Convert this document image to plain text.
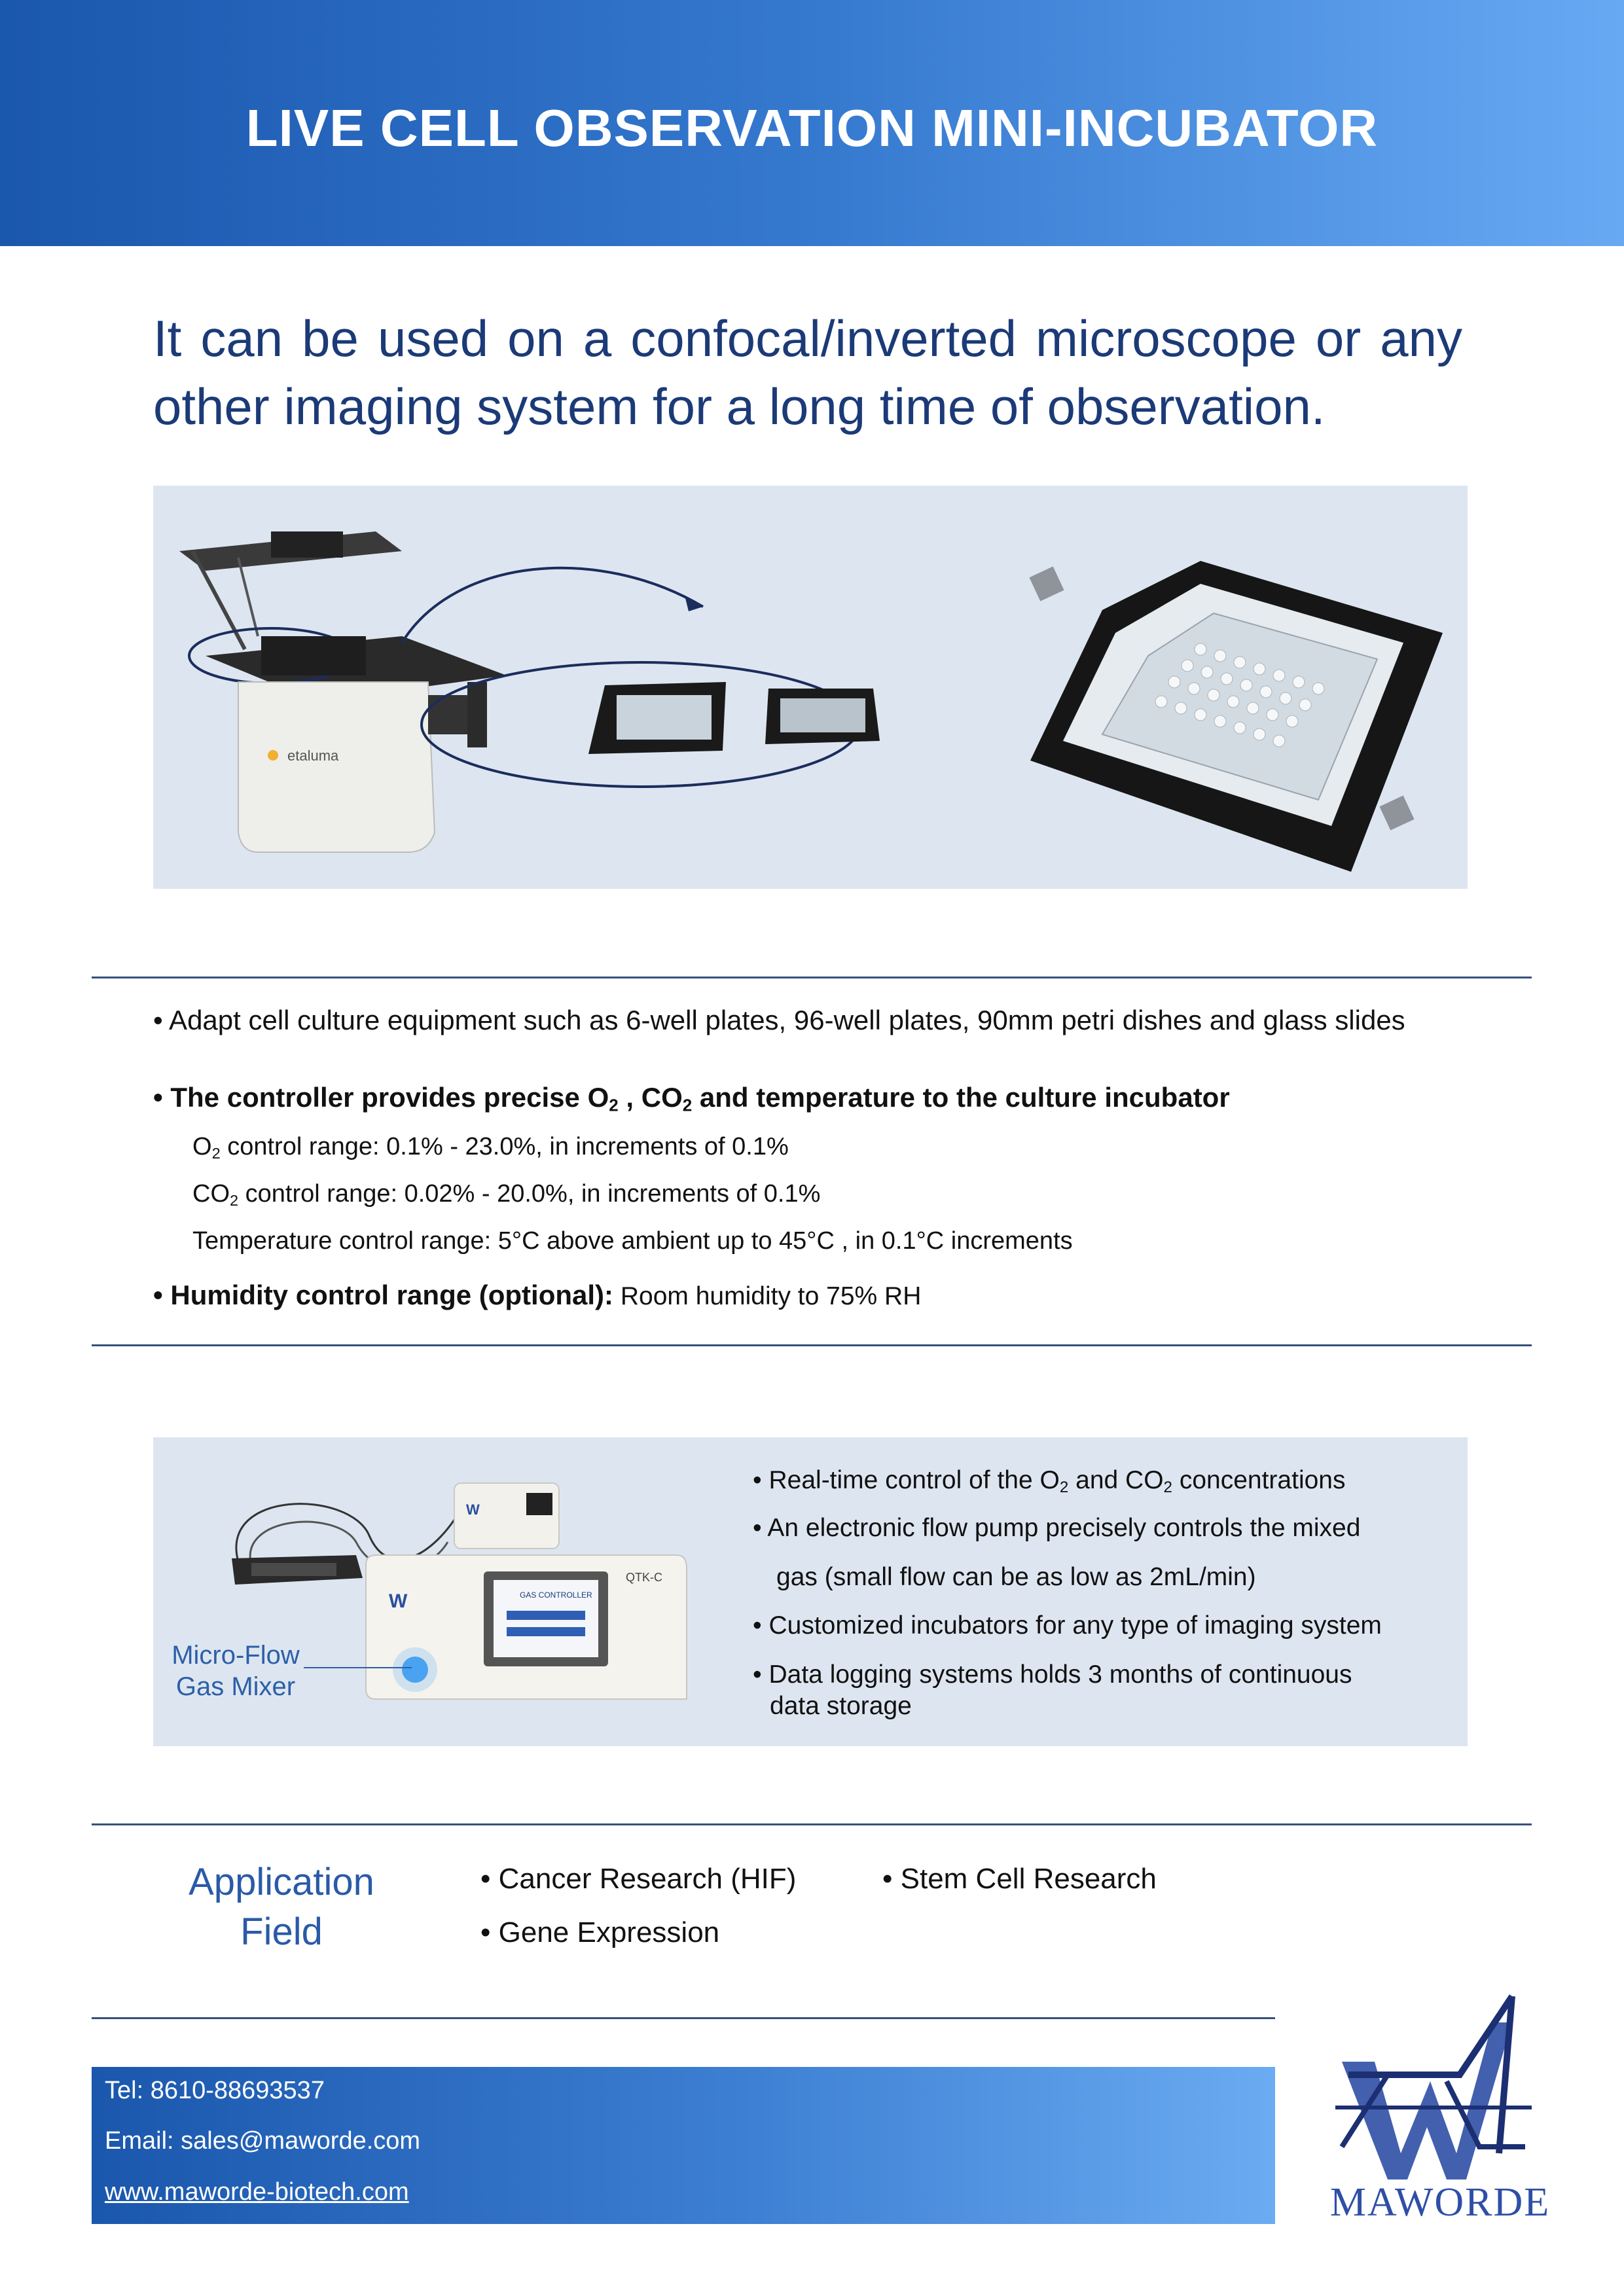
LIVE CELL OBSERVATION MINI-INCUBATOR
It can be used on a confocal/inverted microscope or any other imaging system for a long time of observation.
etaluma
• Adapt cell culture equipment such as 6-well plates, 96-well plates, 90mm petri dishes and glass slides
• The controller provides precise $O_2$ , $CO_2$ and temperature to the culture incubator
$O_2$ control range: 0.1% - 23.0%, in increments of 0.1%
$CO_2$ control range: 0.02% - 20.0%, in increments of 0.1%
Temperature control range: 5°C above ambient up to 45°C , in 0.1°C increments
• Humidity control range (optional): Room humidity to 75% RH
W
W
QTK-C
GAS CONTROLLER
Micro-Flow
Gas Mixer
• Real-time control of the $O_2$ and $CO_2$ concentrations
• An electronic flow pump precisely controls the mixed
gas (small flow can be as low as 2mL/min)
• Customized incubators for any type of imaging system
• Data logging systems holds 3 months of continuous
data storage
Application
Field
• Cancer Research (HIF)	• Stem Cell Research
• Gene Expression
Tel: 8610-88693537
Email: sales@maworde.com
www.maworde-biotech.com	MAWORDE
